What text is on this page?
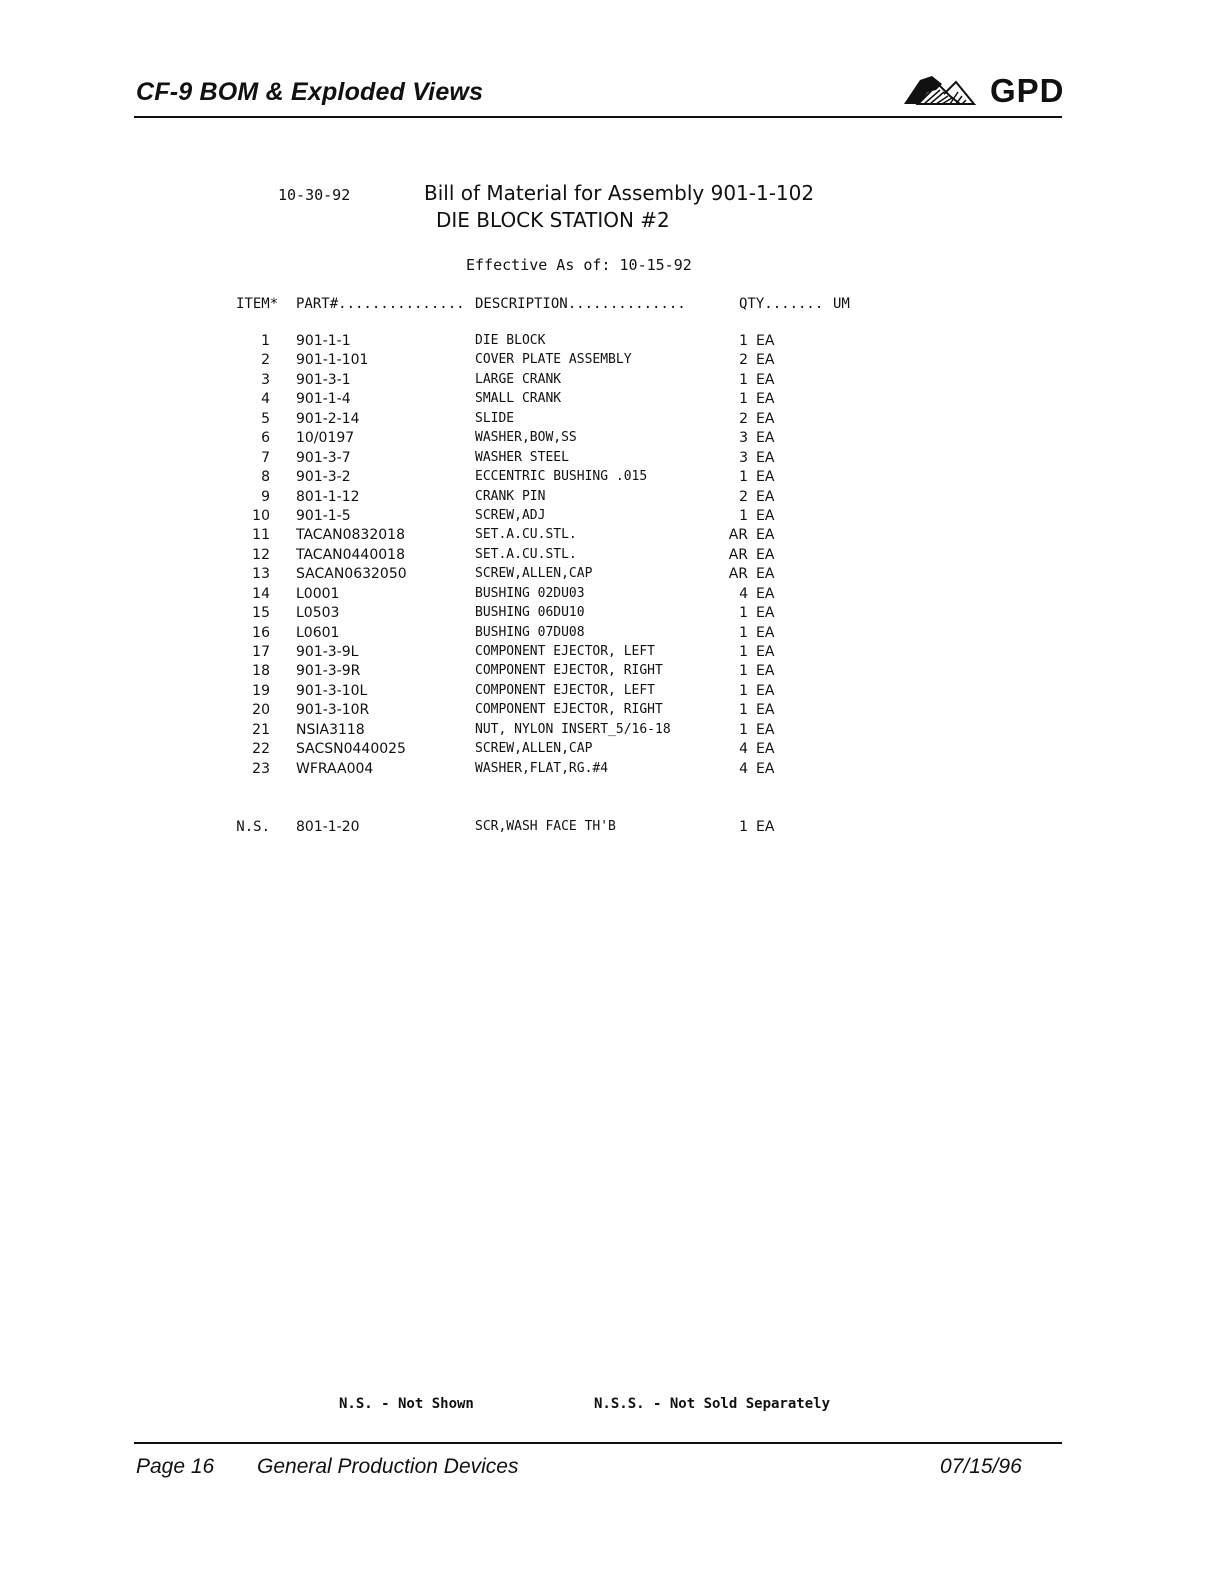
CF-9 BOM & Exploded Views	GPD
10-30-92	Bill of Material for Assembly 901-1-102
DIE BLOCK STATION #2
Effective As of: 10-15-92
ITEM* PART#............... DESCRIPTION..............	QTY....... UM
1 901-1-1	DIE BLOCK	1 EA
2 901-1-101	COVER PLATE ASSEMBLY	2 EA
3 901-3-1	LARGE CRANK	1 EA
4 901-1-4	SMALL CRANK	1 EA
5 901-2-14	SLIDE	2 EA
6 10/0197	WASHER,BOW,SS	3 EA
7 901-3-7	WASHER STEEL	3 EA
8 901-3-2	ECCENTRIC BUSHING .015	1 EA
9 801-1-12	CRANK PIN	2 EA
10 901-1-5	SCREW,ADJ	1 EA
11 TACAN0832018	SET.A.CU.STL.	AR EA
12 TACAN0440018	SET.A.CU.STL.	AR EA
13 SACAN0632050	SCREW,ALLEN,CAP	AR EA
14 L0001	BUSHING 02DU03	4 EA
15 L0503	BUSHING 06DU10	1 EA
16 L0601	BUSHING 07DU08	1 EA
17 901-3-9L	COMPONENT EJECTOR, LEFT	1 EA
18 901-3-9R	COMPONENT EJECTOR, RIGHT	1 EA
19 901-3-10L	COMPONENT EJECTOR, LEFT	1 EA
20 901-3-10R	COMPONENT EJECTOR, RIGHT	1 EA
21 NSIA3118	NUT, NYLON INSERT_5/16-18	1 EA
22 SACSN0440025	SCREW,ALLEN,CAP	4 EA
23 WFRAA004	WASHER,FLAT,RG.#4	4 EA
N.S. 801-1-20	SCR,WASH FACE TH'B	1 EA
N.S. - Not Shown	N.S.S. - Not Sold Separately
Page 16 General Production Devices	07/15/96
